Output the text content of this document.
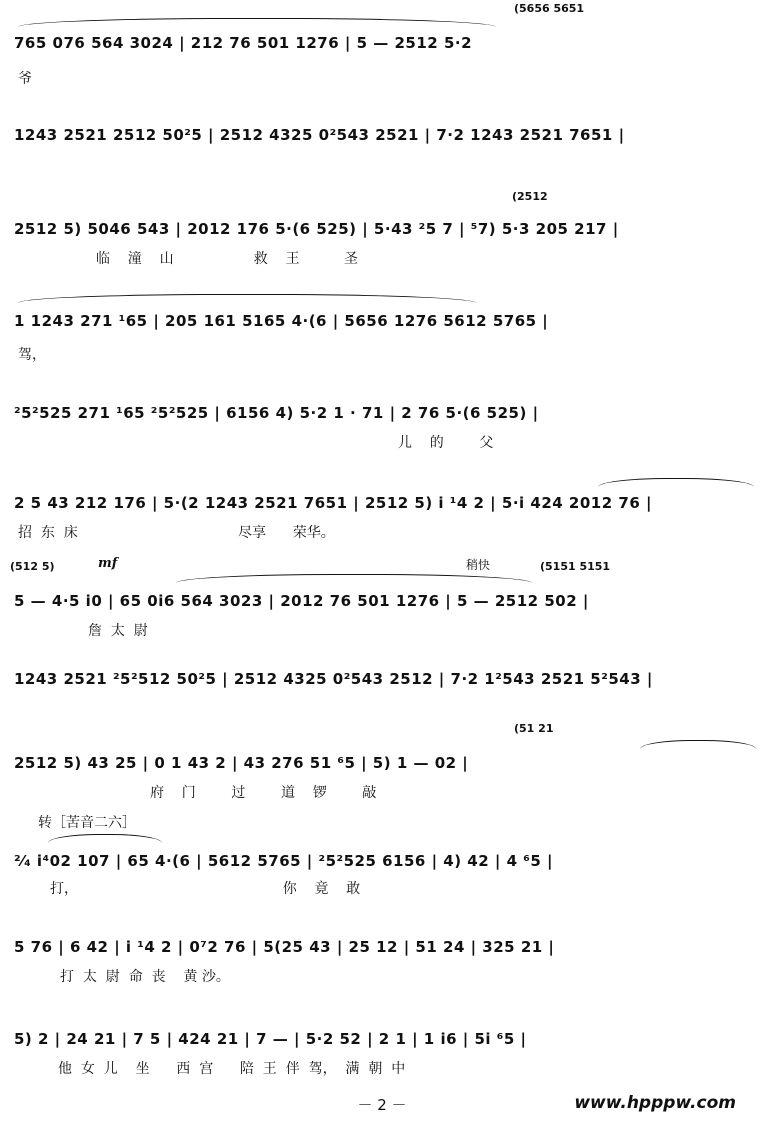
(5656 5651
765 076 564 3024 | 212 76 501 1276 | 5 — 2512 5·2
爷
1243 2521 2512 50²5 | 2512 4325 0²543 2521 | 7·2 1243 2521 7651 |
(2512
2512 5) 5046 543 | 2012 176 5·(6 525) | 5·43 ²5 7 | ⁵7) 5·3 205 217 |
临    潼    山                  救    王          圣
1 1243 271 ¹65 | 205 161 5165 4·(6 | 5656 1276 5612 5765 |
驾，
²5²525 271 ¹65 ²5²525 | 6156 4) 5·2 1 · 71 | 2 76 5·(6 525) |
儿    的        父
2 5 43 212 176 | 5·(2 1243 2521 7651 | 2512 5) i ¹4 2 | 5·i 424 2012 76 |
招  东  床                                    尽享      荣华。
(512 5)	(5151 5151
mf	稍快
5 — 4·5 i0 | 65 0i6 564 3023 | 2012 76 501 1276 | 5 — 2512 502 |
詹  太  尉
1243 2521 ²5²512 50²5 | 2512 4325 0²543 2512 | 7·2 1²543 2521 5²543 |
(51 21
2512 5) 43 25 | 0 1 43 2 | 43 276 51 ⁶5 | 5) 1 — 02 |
府    门        过        道    锣        敲
转［苦音二六］
²⁄₄ i⁴02 107 | 65 4·(6 | 5612 5765 | ²5²525 6156 | 4) 42 | 4 ⁶5 |
打，                                              你    竟    敢
5 76 | 6 42 | i ¹4 2 | 0⁷2 76 | 5(25 43 | 25 12 | 51 24 | 325 21 |
打  太  尉  命  丧    黄 沙。
5) 2 | 24 21 | 7 5 | 424 21 | 7 — | 5·2 52 | 2 1 | 1 i6 | 5i ⁶5 |
他  女  儿    坐      西  宫      陪  王  伴  驾，  满  朝  中
－ 2 －	www.hpppw.com
